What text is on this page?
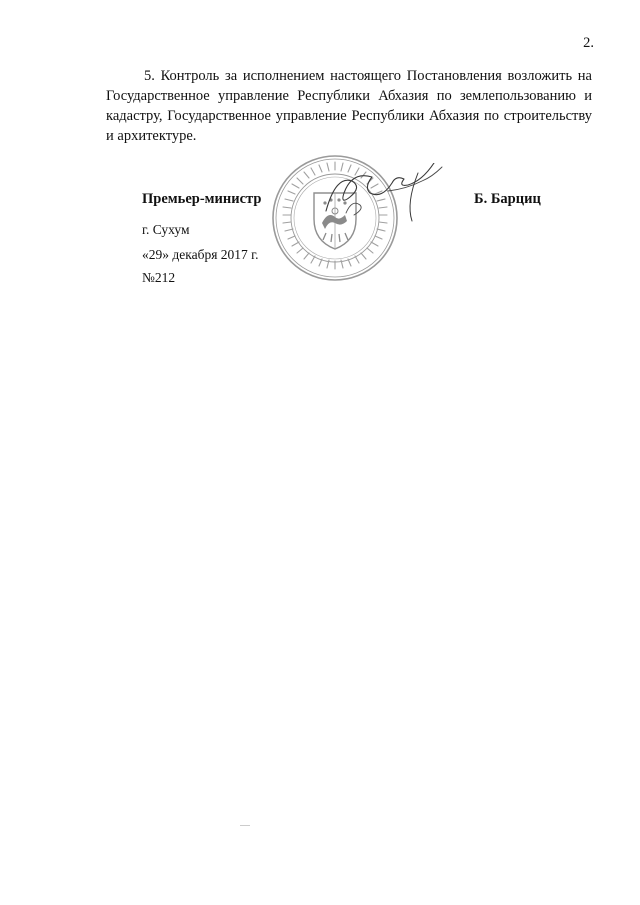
2.

5. Контроль за исполнением настоящего Постановления возложить на Государственное управление Республики Абхазия по землепользованию и кадастру, Государственное управление Республики Абхазия по строительству и архитектуре.

Премьер-министр	Б. Барциц
г. Сухум
«29» декабря 2017 г.
№212
